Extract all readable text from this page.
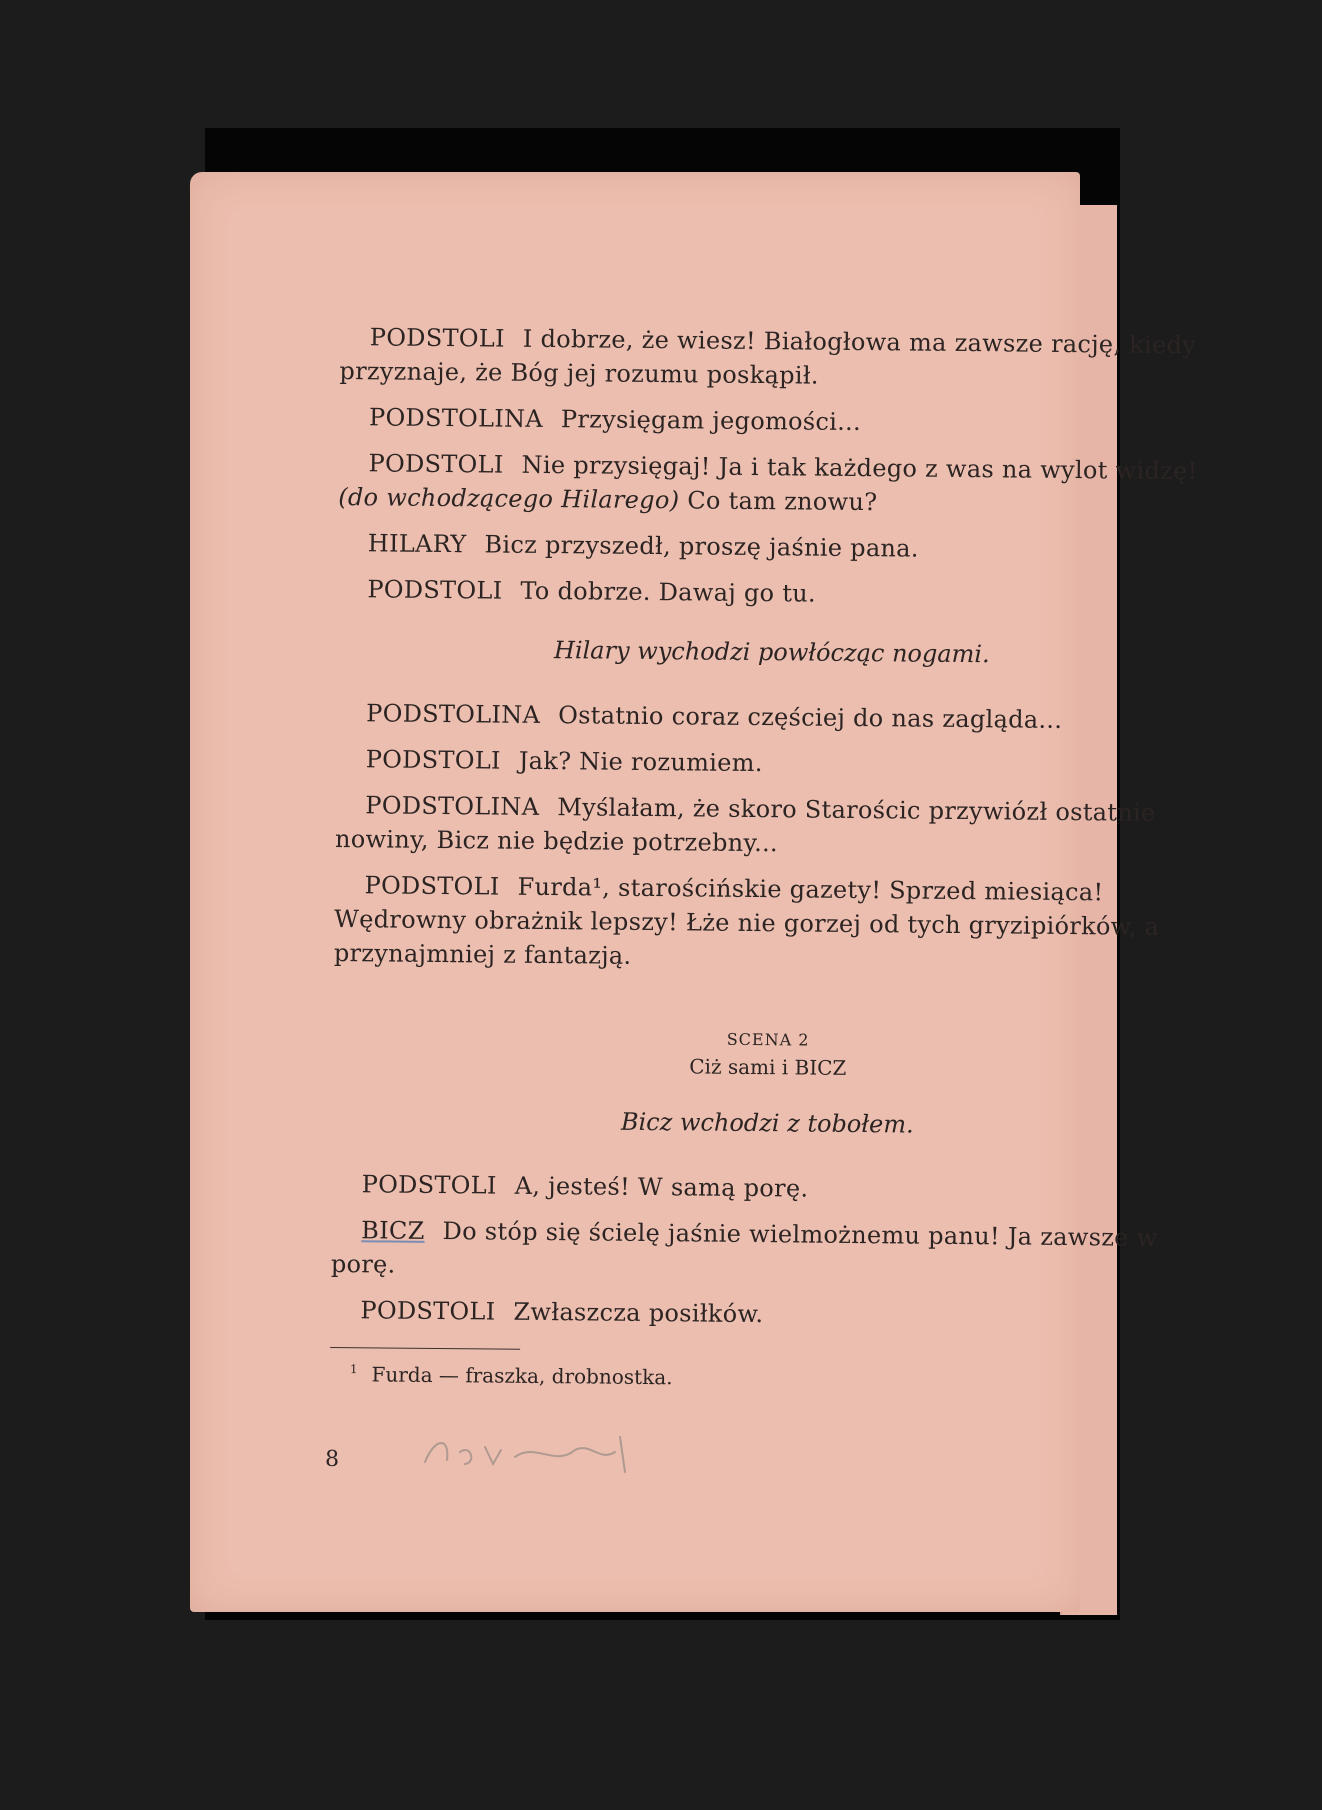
PODSTOLI I dobrze, że wiesz! Białogłowa ma zawsze rację, kiedy przyznaje, że Bóg jej rozumu poskąpił.
PODSTOLINA Przysięgam jegomości...
PODSTOLI Nie przysięgaj! Ja i tak każdego z was na wylot widzę! (do wchodzącego Hilarego) Co tam znowu?
HILARY Bicz przyszedł, proszę jaśnie pana.
PODSTOLI To dobrze. Dawaj go tu.
Hilary wychodzi powłócząc nogami.
PODSTOLINA Ostatnio coraz częściej do nas zagląda...
PODSTOLI Jak? Nie rozumiem.
PODSTOLINA Myślałam, że skoro Starościc przywiózł ostatnie nowiny, Bicz nie będzie potrzebny...
PODSTOLI Furda¹, starościńskie gazety! Sprzed miesiąca! Wędrowny obrażnik lepszy! Łże nie gorzej od tych gryzipiórków, a przynajmniej z fantazją.
SCENA 2
Ciż sami i BICZ
Bicz wchodzi z tobołem.
PODSTOLI A, jesteś! W samą porę.
BICZ Do stóp się ścielę jaśnie wielmożnemu panu! Ja zawsze w porę.
PODSTOLI Zwłaszcza posiłków.
$^1$ Furda — fraszka, drobnostka.
8
